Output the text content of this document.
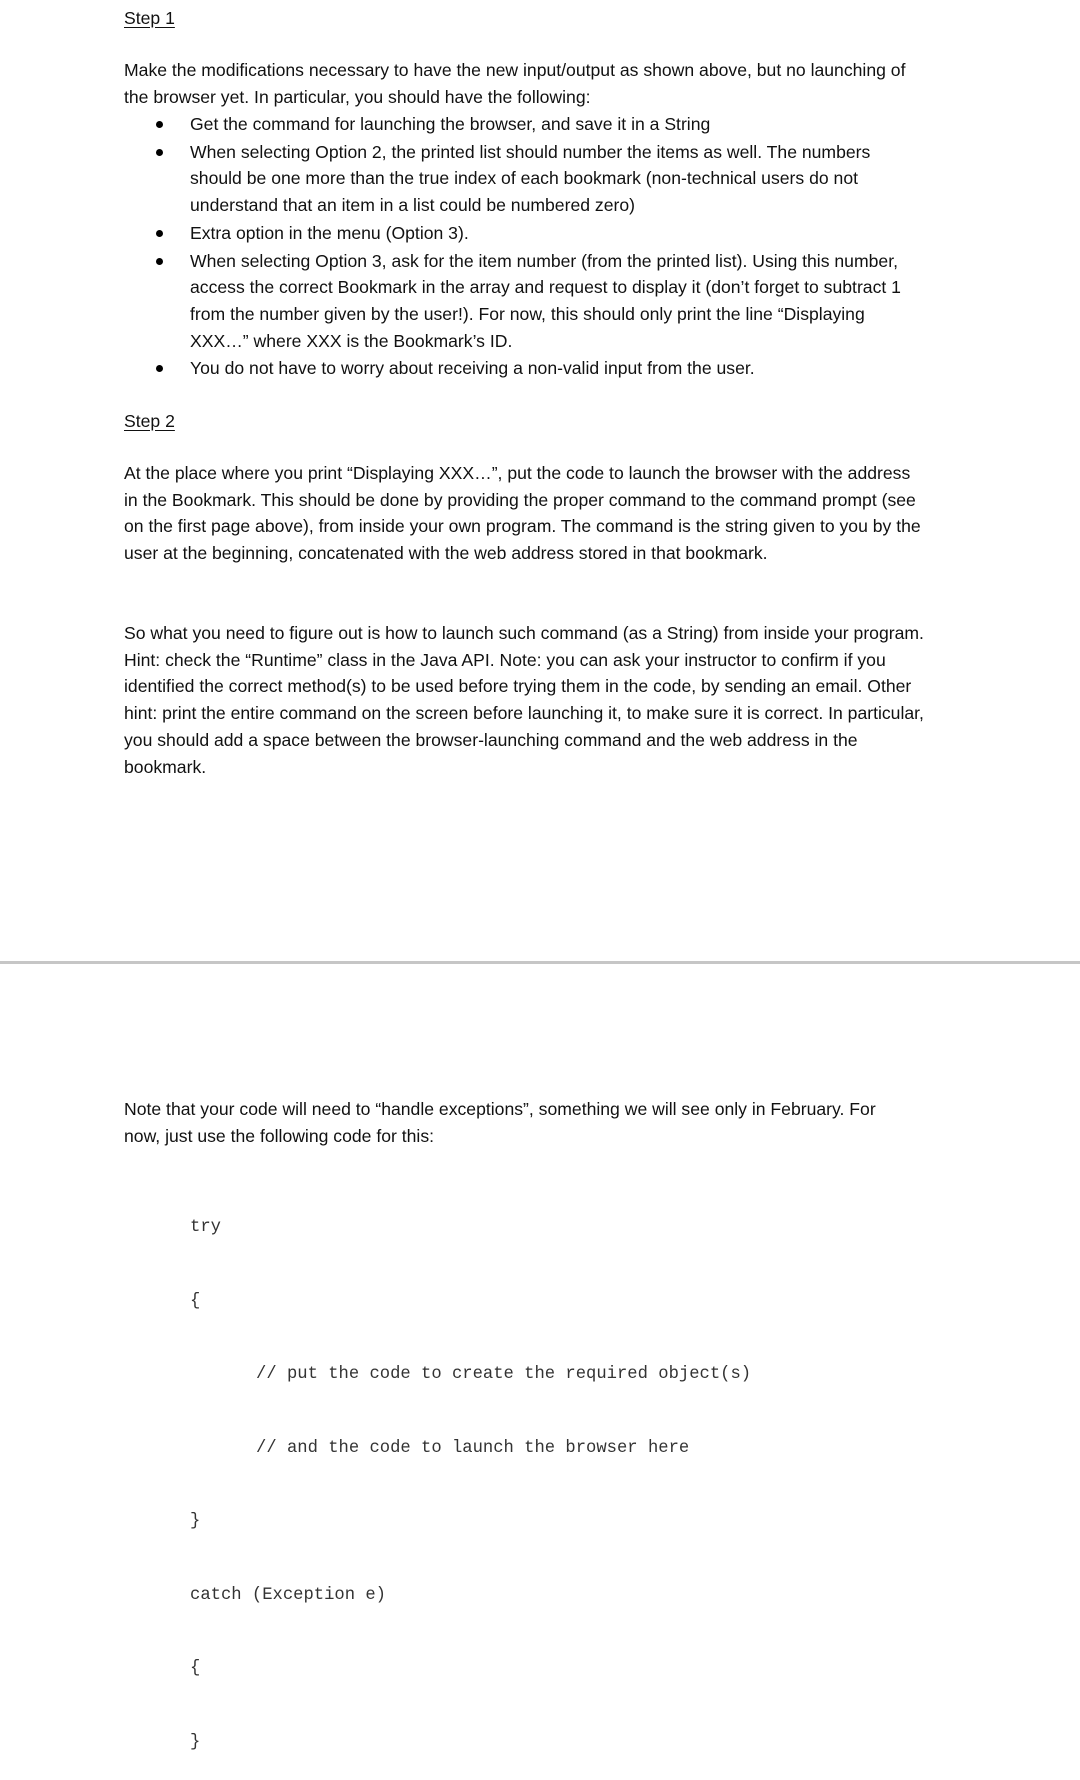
Step 1
Make the modifications necessary to have the new input/output as shown above, but no launching of the browser yet. In particular, you should have the following:
Get the command for launching the browser, and save it in a String
When selecting Option 2, the printed list should number the items as well. The numbers should be one more than the true index of each bookmark (non-technical users do not understand that an item in a list could be numbered zero)
Extra option in the menu (Option 3).
When selecting Option 3, ask for the item number (from the printed list). Using this number, access the correct Bookmark in the array and request to display it (don’t forget to subtract 1 from the number given by the user!). For now, this should only print the line “Displaying XXX…” where XXX is the Bookmark’s ID.
You do not have to worry about receiving a non-valid input from the user.
Step 2
At the place where you print “Displaying XXX…”, put the code to launch the browser with the address in the Bookmark. This should be done by providing the proper command to the command prompt (see on the first page above), from inside your own program. The command is the string given to you by the user at the beginning, concatenated with the web address stored in that bookmark.
So what you need to figure out is how to launch such command (as a String) from inside your program. Hint: check the “Runtime” class in the Java API. Note: you can ask your instructor to confirm if you identified the correct method(s) to be used before trying them in the code, by sending an email. Other hint: print the entire command on the screen before launching it, to make sure it is correct. In particular, you should add a space between the browser-launching command and the web address in the bookmark.
Note that your code will need to “handle exceptions”, something we will see only in February. For now, just use the following code for this:

try

{

// put the code to create the required object(s)

// and the code to launch the browser here

}

catch (Exception e)

{

}
